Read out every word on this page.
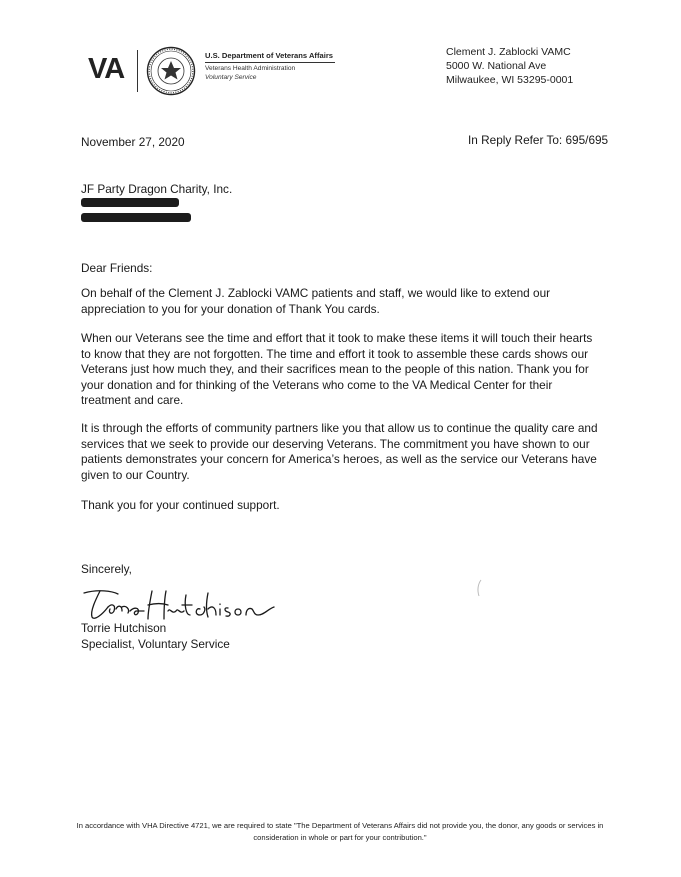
VA	U.S. Department of Veterans Affairs
Veterans Health Administration
Voluntary Service
Clement J. Zablocki VAMC
5000 W. National Ave
Milwaukee, WI 53295-0001
November 27, 2020	In Reply Refer To: 695/695
JF Party Dragon Charity, Inc.
Dear Friends:
On behalf of the Clement J. Zablocki VAMC patients and staff, we would like to extend our appreciation to you for your donation of Thank You cards.
When our Veterans see the time and effort that it took to make these items it will touch their hearts to know that they are not forgotten. The time and effort it took to assemble these cards shows our Veterans just how much they, and their sacrifices mean to the people of this nation. Thank you for your donation and for thinking of the Veterans who come to the VA Medical Center for their treatment and care.
It is through the efforts of community partners like you that allow us to continue the quality care and services that we seek to provide our deserving Veterans. The commitment you have shown to our patients demonstrates your concern for America’s heroes, as well as the service our Veterans have given to our Country.
Thank you for your continued support.
Sincerely,
Torrie Hutchison
Specialist, Voluntary Service
In accordance with VHA Directive 4721, we are required to state "The Department of Veterans Affairs did not provide you, the donor, any goods or services in consideration in whole or part for your contribution."
